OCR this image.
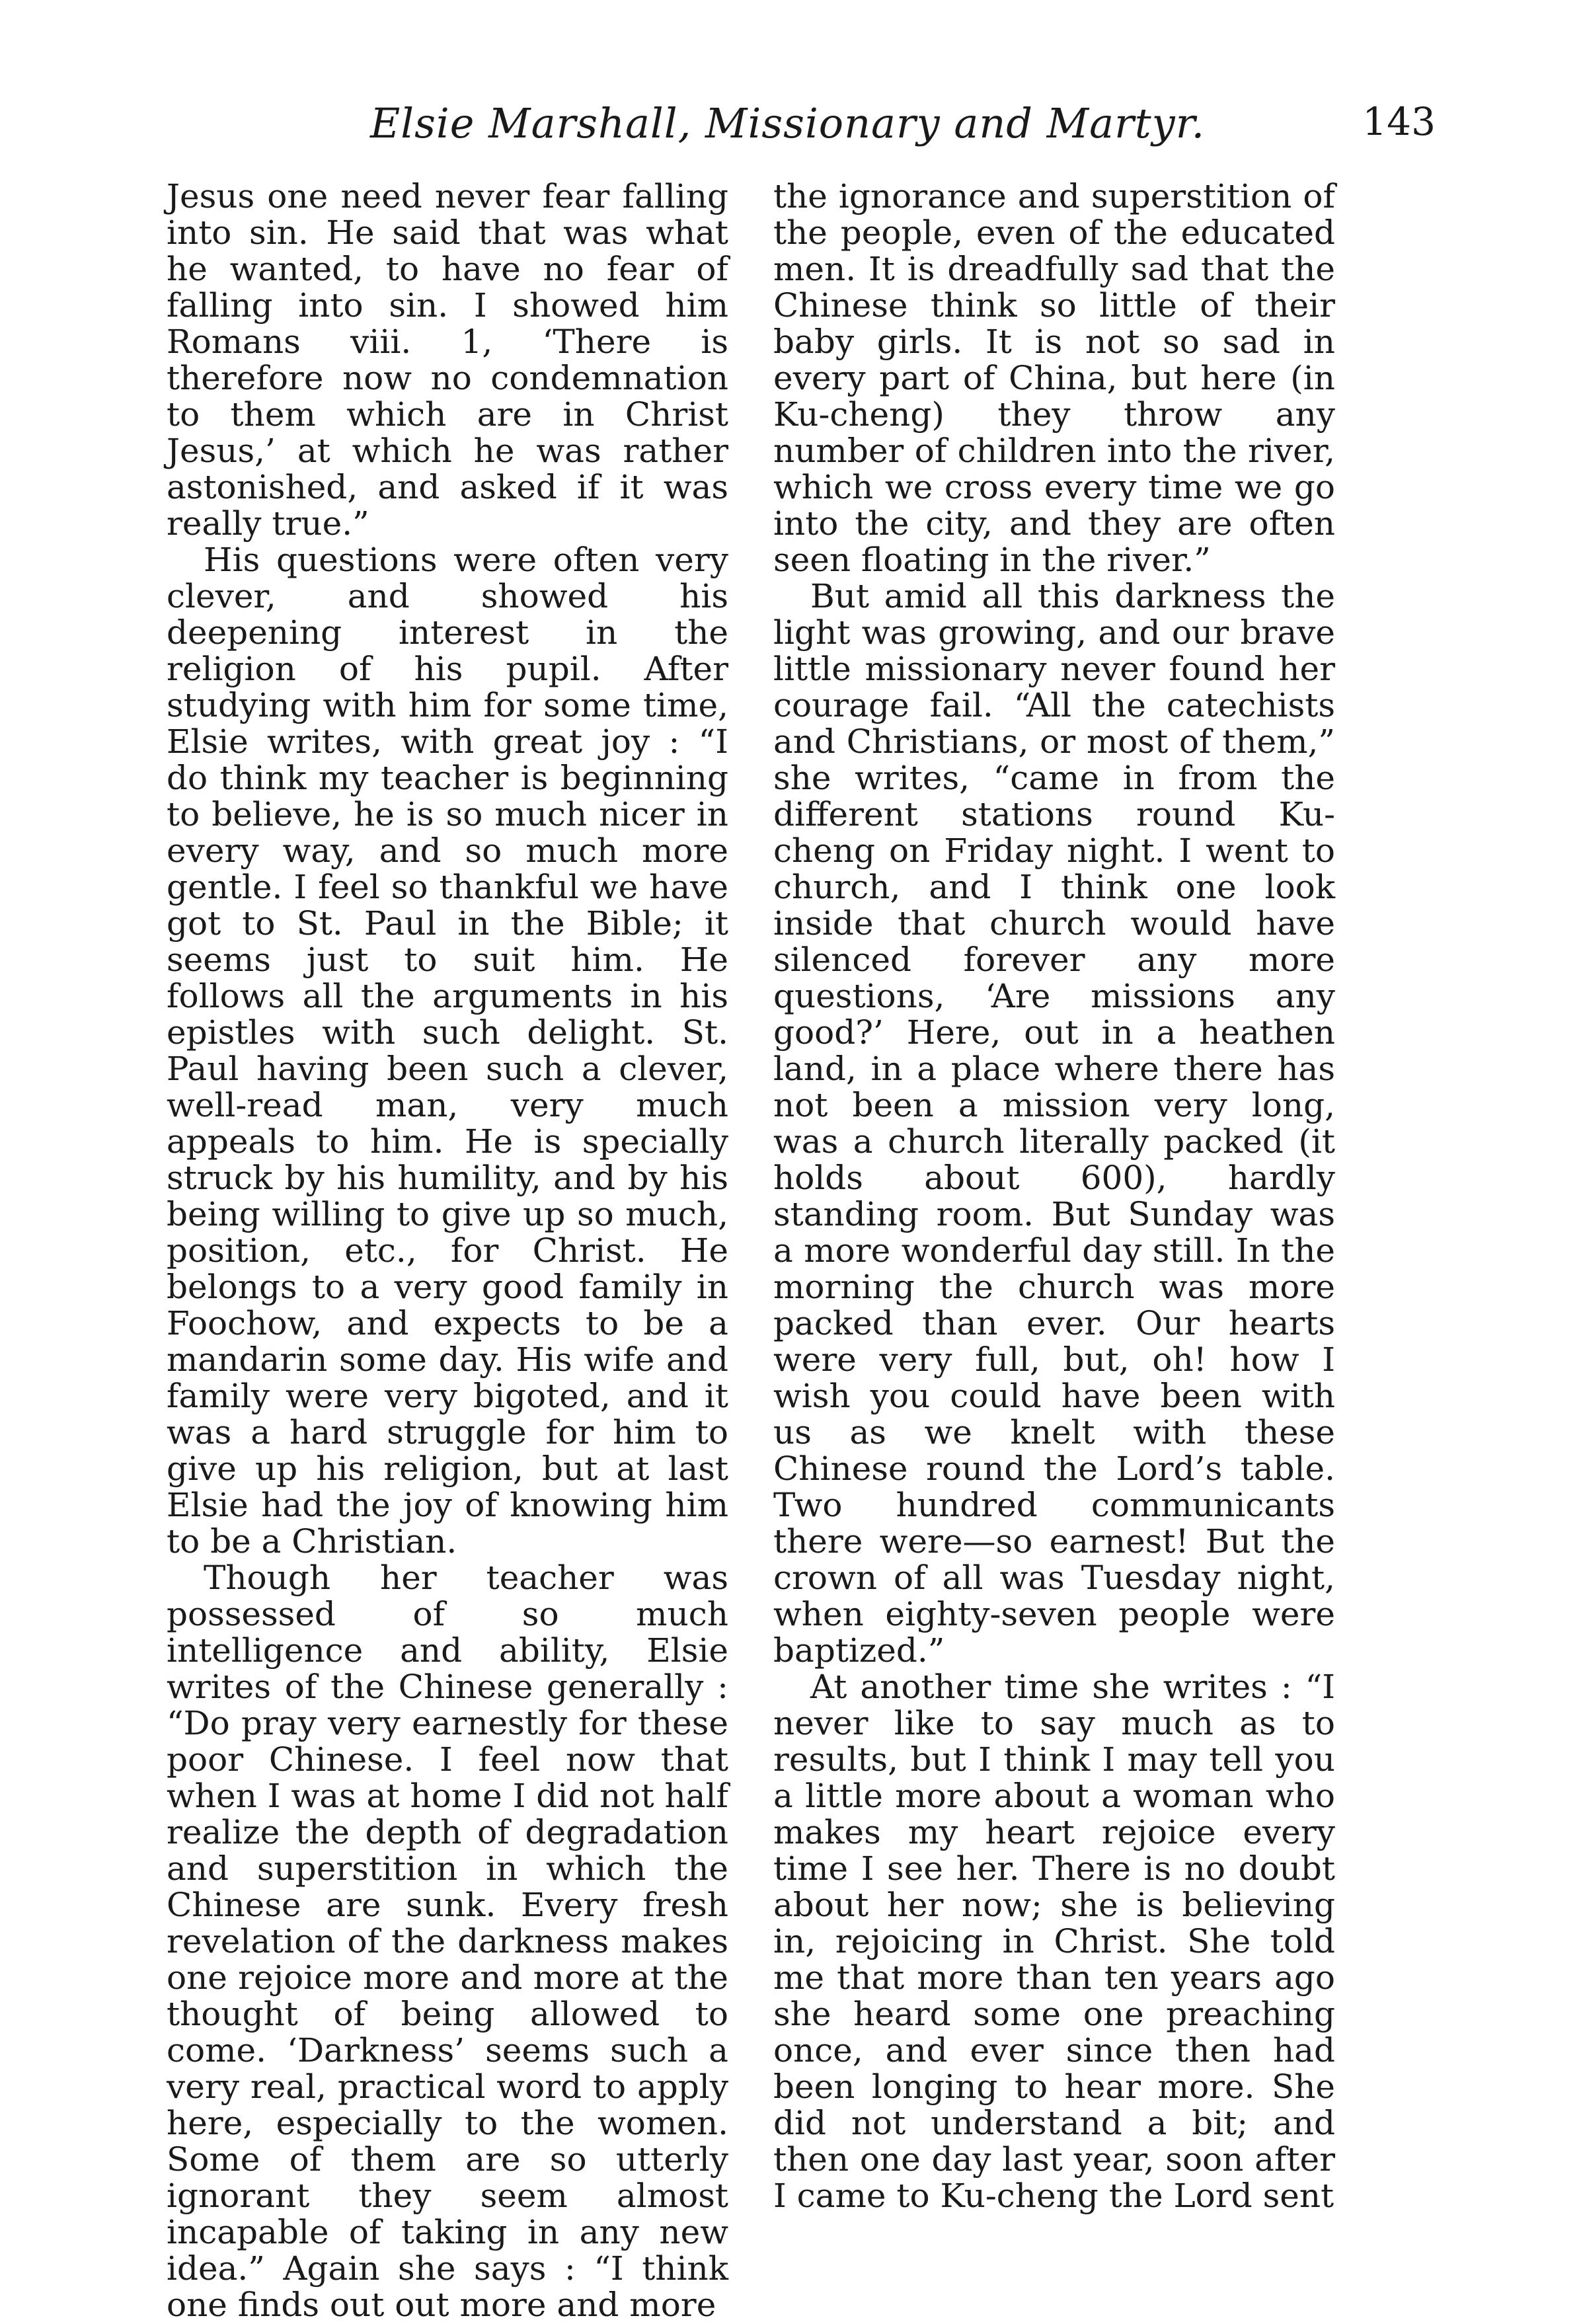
Elsie Marshall, Missionary and Martyr.	143

Jesus one need never fear falling into sin. He said that was what he wanted, to have no fear of falling into sin. I showed him Romans viii. 1, ‘There is therefore now no condemnation to them which are in Christ Jesus,’ at which he was rather astonished, and asked if it was really true.”

His questions were often very clever, and showed his deepening interest in the religion of his pupil. After studying with him for some time, Elsie writes, with great joy : “I do think my teacher is beginning to believe, he is so much nicer in every way, and so much more gentle. I feel so thankful we have got to St. Paul in the Bible; it seems just to suit him. He follows all the arguments in his epistles with such delight. St. Paul having been such a clever, well-read man, very much appeals to him. He is specially struck by his humility, and by his being willing to give up so much, position, etc., for Christ. He belongs to a very good family in Foochow, and expects to be a mandarin some day. His wife and family were very bigoted, and it was a hard struggle for him to give up his religion, but at last Elsie had the joy of knowing him to be a Christian.

Though her teacher was possessed of so much intelligence and ability, Elsie writes of the Chinese generally : “Do pray very earnestly for these poor Chinese. I feel now that when I was at home I did not half realize the depth of degradation and superstition in which the Chinese are sunk. Every fresh revelation of the darkness makes one rejoice more and more at the thought of being allowed to come. ‘Darkness’ seems such a very real, practical word to apply here, especially to the women. Some of them are so utterly ignorant they seem almost incapable of taking in any new idea.” Again she says : “I think one finds out out more and more

the ignorance and superstition of the people, even of the educated men. It is dreadfully sad that the Chinese think so little of their baby girls. It is not so sad in every part of China, but here (in Ku-cheng) they throw any number of children into the river, which we cross every time we go into the city, and they are often seen floating in the river.”

But amid all this darkness the light was growing, and our brave little missionary never found her courage fail. “All the catechists and Christians, or most of them,” she writes, “came in from the different stations round Ku-cheng on Friday night. I went to church, and I think one look inside that church would have silenced forever any more questions, ‘Are missions any good?’ Here, out in a heathen land, in a place where there has not been a mission very long, was a church literally packed (it holds about 600), hardly standing room. But Sunday was a more wonderful day still. In the morning the church was more packed than ever. Our hearts were very full, but, oh! how I wish you could have been with us as we knelt with these Chinese round the Lord’s table. Two hundred communicants there were—so earnest! But the crown of all was Tuesday night, when eighty-seven people were baptized.”

At another time she writes : “I never like to say much as to results, but I think I may tell you a little more about a woman who makes my heart rejoice every time I see her. There is no doubt about her now; she is believing in, rejoicing in Christ. She told me that more than ten years ago she heard some one preaching once, and ever since then had been longing to hear more. She did not understand a bit; and then one day last year, soon after I came to Ku-cheng the Lord sent
